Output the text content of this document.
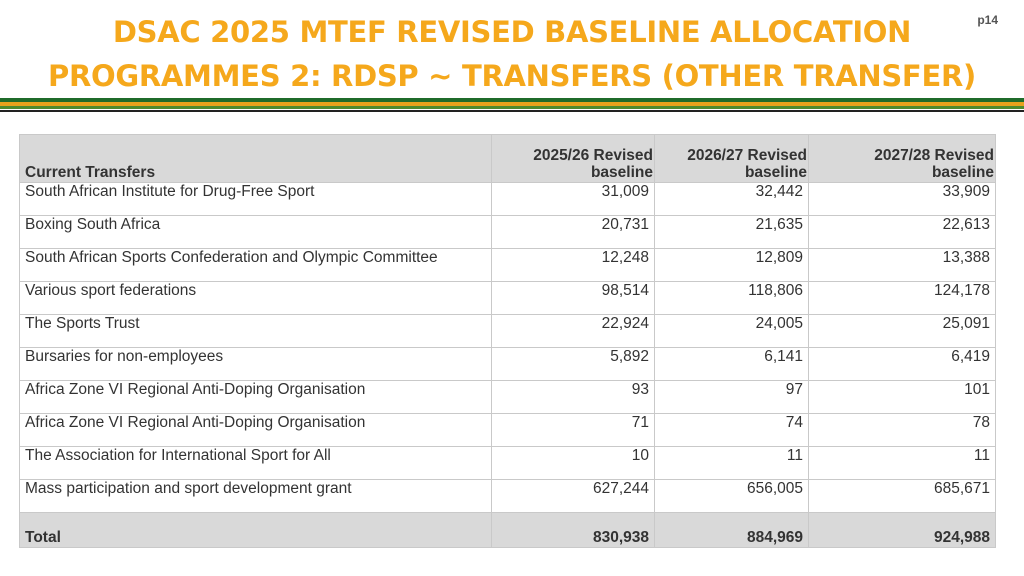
DSAC 2025 MTEF REVISED BASELINE ALLOCATION
PROGRAMMES 2: RDSP ~ TRANSFERS (OTHER TRANSFER)
p14
Current Transfers	2025/26 Revised baseline	2026/27 Revised baseline	2027/28 Revised baseline
South African Institute for Drug-Free Sport	31,009	32,442	33,909
Boxing South Africa	20,731	21,635	22,613
South African Sports Confederation and Olympic Committee	12,248	12,809	13,388
Various sport federations	98,514	118,806	124,178
The Sports Trust	22,924	24,005	25,091
Bursaries for non-employees	5,892	6,141	6,419
Africa Zone VI Regional Anti-Doping Organisation	93	97	101
Africa Zone VI Regional Anti-Doping Organisation	71	74	78
The Association for International Sport for All	10	11	11
Mass participation and sport development grant	627,244	656,005	685,671
Total	830,938	884,969	924,988
